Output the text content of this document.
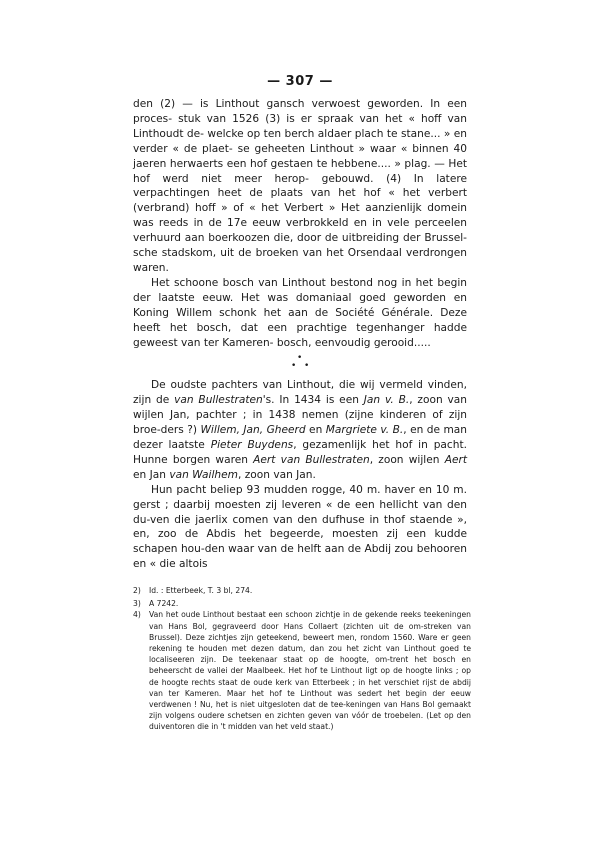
— 307 —

den (2) — is Linthout gansch verwoest geworden. In een proces- stuk van 1526 (3) is er spraak van het « hoff van Linthoudt de- welcke op ten berch aldaer plach te stane... » en verder « de plaet- se geheeten Linthout » waar « binnen 40 jaeren herwaerts een hof gestaen te hebbene.... » plag. — Het hof werd niet meer herop- gebouwd. (4) In latere verpachtingen heet de plaats van het hof « het verbert (verbrand) hoff » of « het Verbert » Het aanzienlijk domein was reeds in de 17e eeuw verbrokkeld en in vele perceelen verhuurd aan boerkoozen die, door de uitbreiding der Brussel- sche stadskom, uit de broeken van het Orsendaal verdrongen waren.

Het schoone bosch van Linthout bestond nog in het begin der laatste eeuw. Het was domaniaal goed geworden en Koning Willem schonk het aan de Société Générale. Deze heeft het bosch, dat een prachtige tegenhanger hadde geweest van ter Kameren- bosch, eenvoudig gerooid.....

•
• •

De oudste pachters van Linthout, die wij vermeld vinden, zijn de van Bullestraten's. In 1434 is een Jan v. B., zoon van wijlen Jan, pachter ; in 1438 nemen (zijne kinderen of zijn broe-ders ?) Willem, Jan, Gheerd en Margriete v. B., en de man dezer laatste Pieter Buydens, gezamenlijk het hof in pacht. Hunne borgen waren Aert van Bullestraten, zoon wijlen Aert en Jan van Wailhem, zoon van Jan.

Hun pacht beliep 93 mudden rogge, 40 m. haver en 10 m. gerst ; daarbij moesten zij leveren « de een hellicht van den du-ven die jaerlix comen van den dufhuse in thof staende », en, zoo de Abdis het begeerde, moesten zij een kudde schapen hou-den waar van de helft aan de Abdij zou behooren en « die altois

2)	Id. : Etterbeek, T. 3 bl, 274.
3)	A 7242.
4)	Van het oude Linthout bestaat een schoon zichtje in de gekende reeks teekeningen van Hans Bol, gegraveerd door Hans Collaert (zichten uit de om-streken van Brussel). Deze zichtjes zijn geteekend, beweert men, rondom 1560. Ware er geen rekening te houden met dezen datum, dan zou het zicht van Linthout goed te localiseeren zijn. De teekenaar staat op de hoogte, om-trent het bosch en beheerscht de vallei der Maalbeek. Het hof te Linthout ligt op de hoogte links ; op de hoogte rechts staat de oude kerk van Etterbeek ; in het verschiet rijst de abdij van ter Kameren. Maar het hof te Linthout was sedert het begin der eeuw verdwenen ! Nu, het is niet uitgesloten dat de tee-keningen van Hans Bol gemaakt zijn volgens oudere schetsen en zichten geven van vóór de troebelen. (Let op den duiventoren die in 't midden van het veld staat.)
